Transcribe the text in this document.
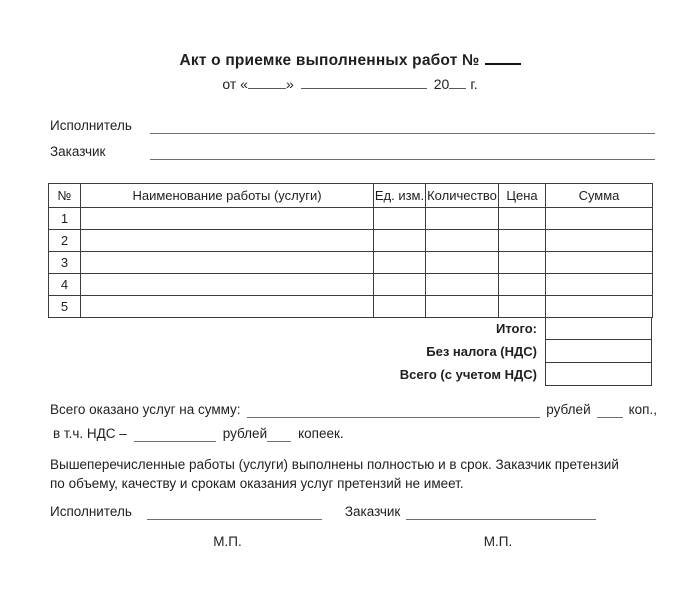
Акт о приемке выполненных работ №
от «	»	20 г.
Исполнитель
Заказчик
№	Наименование работы (услуги)	Ед. изм.	Количество	Цена	Сумма
1					
2					
3					
4					
5					
Итого:
Без налога (НДС)
Всего (с учетом НДС)
Всего оказано услуг на сумму:	рублей	коп.,
в т.ч. НДС –	рублей копеек.
Вышеперечисленные работы (услуги) выполнены полностью и в срок. Заказчик претензий
по объему, качеству и срокам оказания услуг претензий не имеет.
Исполнитель	Заказчик
М.П.	М.П.
